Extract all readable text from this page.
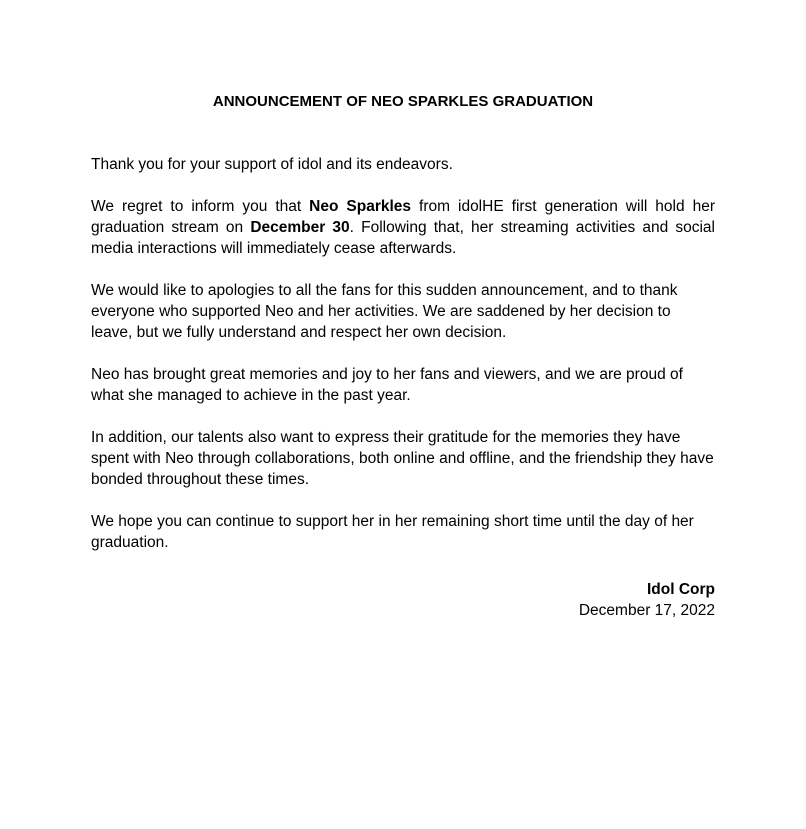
ANNOUNCEMENT OF NEO SPARKLES GRADUATION

Thank you for your support of idol and its endeavors.

We regret to inform you that Neo Sparkles from idolHE first generation will hold her graduation stream on December 30. Following that, her streaming activities and social media interactions will immediately cease afterwards.

We would like to apologies to all the fans for this sudden announcement, and to thank everyone who supported Neo and her activities. We are saddened by her decision to leave, but we fully understand and respect her own decision.

Neo has brought great memories and joy to her fans and viewers, and we are proud of what she managed to achieve in the past year.

In addition, our talents also want to express their gratitude for the memories they have spent with Neo through collaborations, both online and offline, and the friendship they have bonded throughout these times.

We hope you can continue to support her in her remaining short time until the day of her graduation.

Idol Corp
December 17, 2022
